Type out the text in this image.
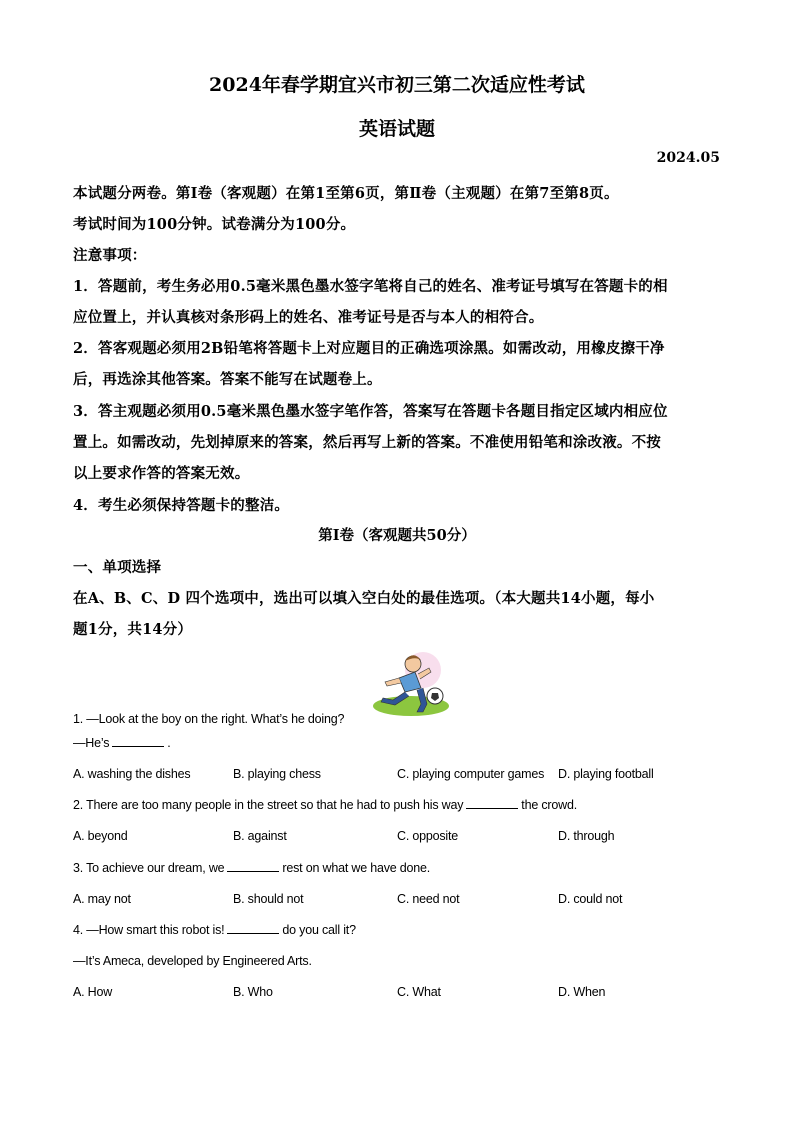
2024年春学期宜兴市初三第二次适应性考试
英语试题
2024.05
本试题分两卷。第Ⅰ卷（客观题）在第1至第6页，第Ⅱ卷（主观题）在第7至第8页。
考试时间为100分钟。试卷满分为100分。
注意事项：
1．答题前，考生务必用0.5毫米黑色墨水签字笔将自己的姓名、准考证号填写在答题卡的相
应位置上，并认真核对条形码上的姓名、准考证号是否与本人的相符合。
2．答客观题必须用2B铅笔将答题卡上对应题目的正确选项涂黑。如需改动，用橡皮擦干净
后，再选涂其他答案。答案不能写在试题卷上。
3．答主观题必须用0.5毫米黑色墨水签字笔作答，答案写在答题卡各题目指定区域内相应位
置上。如需改动，先划掉原来的答案，然后再写上新的答案。不准使用铅笔和涂改液。不按
以上要求作答的答案无效。
4．考生必须保持答题卡的整洁。
第Ⅰ卷（客观题共50分）
一、单项选择
在A、B、C、D 四个选项中，选出可以填入空白处的最佳选项。（本大题共14小题，每小
题1分，共14分）
1. —Look at the boy on the right. What’s he doing?
—He’s	.
A. washing the dishes	B. playing chess	C. playing computer games D. playing football
2. There are too many people in the street so that he had to push his way	the crowd.
A. beyond	B. against	C. opposite	D. through
3. To achieve our dream, we	rest on what we have done.
A. may not	B. should not	C. need not	D. could not
4. —How smart this robot is!	do you call it?
—It’s Ameca, developed by Engineered Arts.
A. How	B. Who	C. What	D. When
